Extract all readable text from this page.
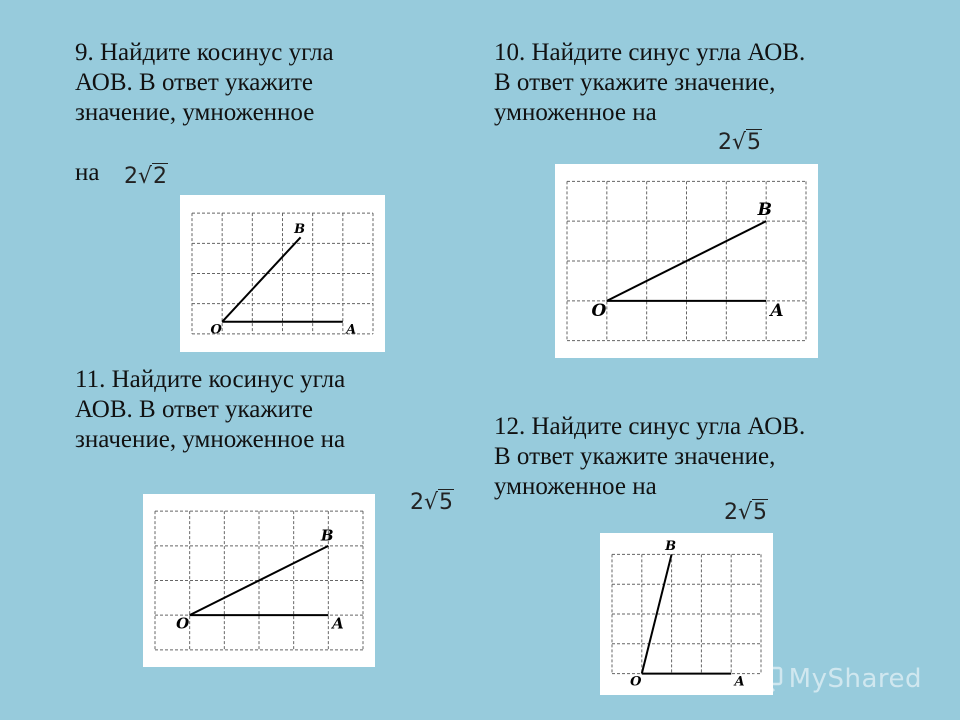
9. Найдите косинус угла
АОВ. В ответ укажите
значение, умноженное

на	2√2
O	A
B

10. Найдите синус угла АОВ.
В ответ укажите значение,
умноженное на

2√5
O	A
B

11. Найдите косинус угла
АОВ. В ответ укажите
значение, умноженное на

2√5
O	A
B

12. Найдите синус угла АОВ.
В ответ укажите значение,
умноженное на

2√5
O	A
B
MyShared
